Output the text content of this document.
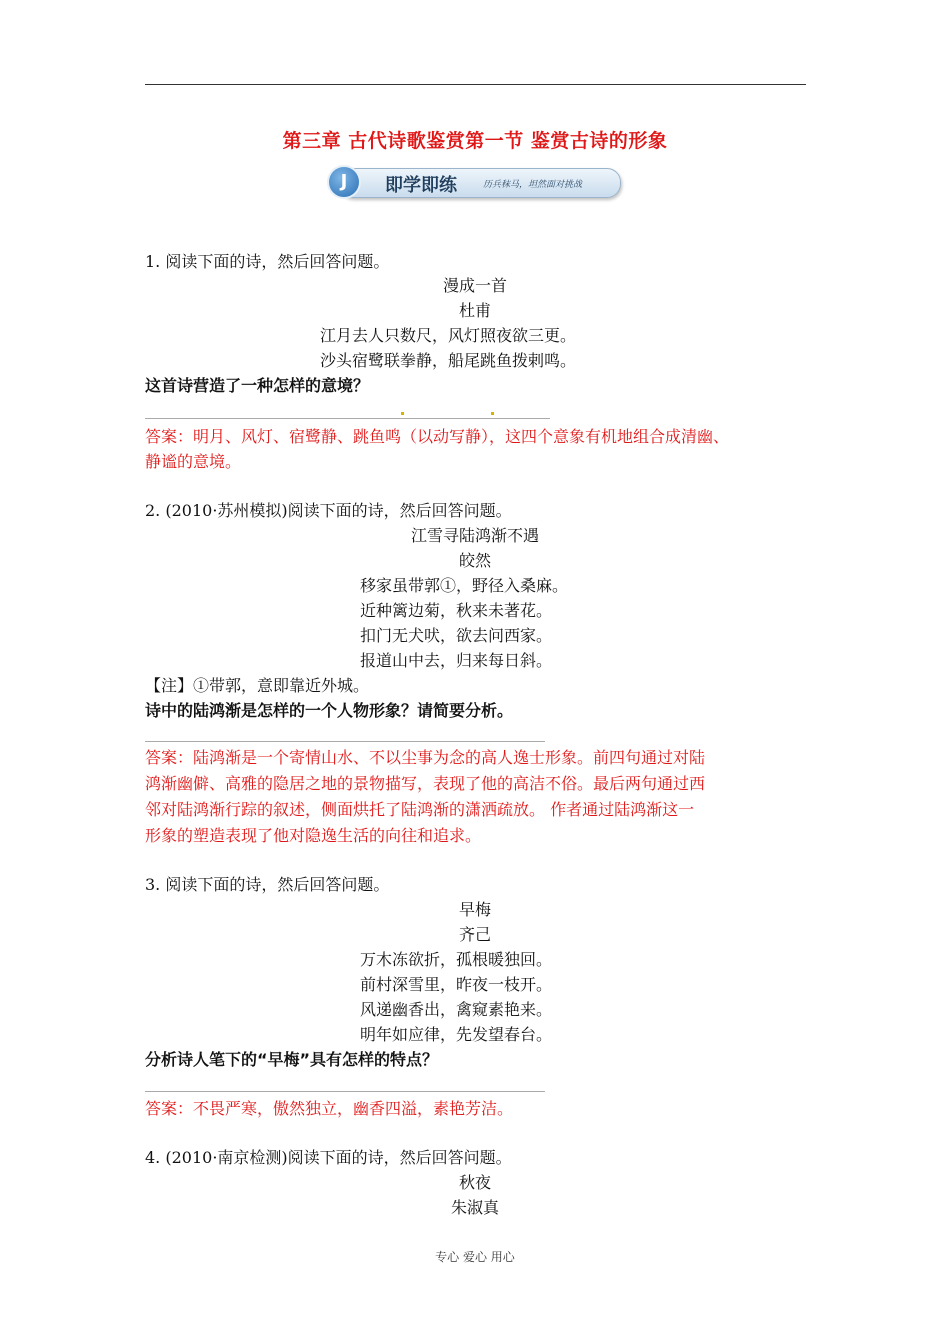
第三章 古代诗歌鉴赏第一节 鉴赏古诗的形象
J	即学即练	历兵秣马，坦然面对挑战
1. 阅读下面的诗，然后回答问题。
漫成一首
杜甫
江月去人只数尺，风灯照夜欲三更。
沙头宿鹭联拳静，船尾跳鱼拨剌鸣。
这首诗营造了一种怎样的意境？
答案：明月、风灯、宿鹭静、跳鱼鸣（以动写静），这四个意象有机地组合成清幽、
静谧的意境。
2. (2010·苏州模拟)阅读下面的诗，然后回答问题。
江雪寻陆鸿渐不遇
皎然
移家虽带郭①，野径入桑麻。
近种篱边菊，秋来未著花。
扣门无犬吠，欲去问西家。
报道山中去，归来每日斜。
【注】①带郭，意即靠近外城。
诗中的陆鸿渐是怎样的一个人物形象？请简要分析。
答案：陆鸿渐是一个寄情山水、不以尘事为念的高人逸士形象。前四句通过对陆
鸿渐幽僻、高雅的隐居之地的景物描写，表现了他的高洁不俗。最后两句通过西
邻对陆鸿渐行踪的叙述，侧面烘托了陆鸿渐的潇洒疏放。 作者通过陆鸿渐这一
形象的塑造表现了他对隐逸生活的向往和追求。
3. 阅读下面的诗，然后回答问题。
早梅
齐己
万木冻欲折，孤根暖独回。
前村深雪里，昨夜一枝开。
风递幽香出，禽窥素艳来。
明年如应律，先发望春台。
分析诗人笔下的“早梅”具有怎样的特点？
答案：不畏严寒，傲然独立，幽香四溢，素艳芳洁。
4. (2010·南京检测)阅读下面的诗，然后回答问题。
秋夜
朱淑真
专心 爱心 用心
